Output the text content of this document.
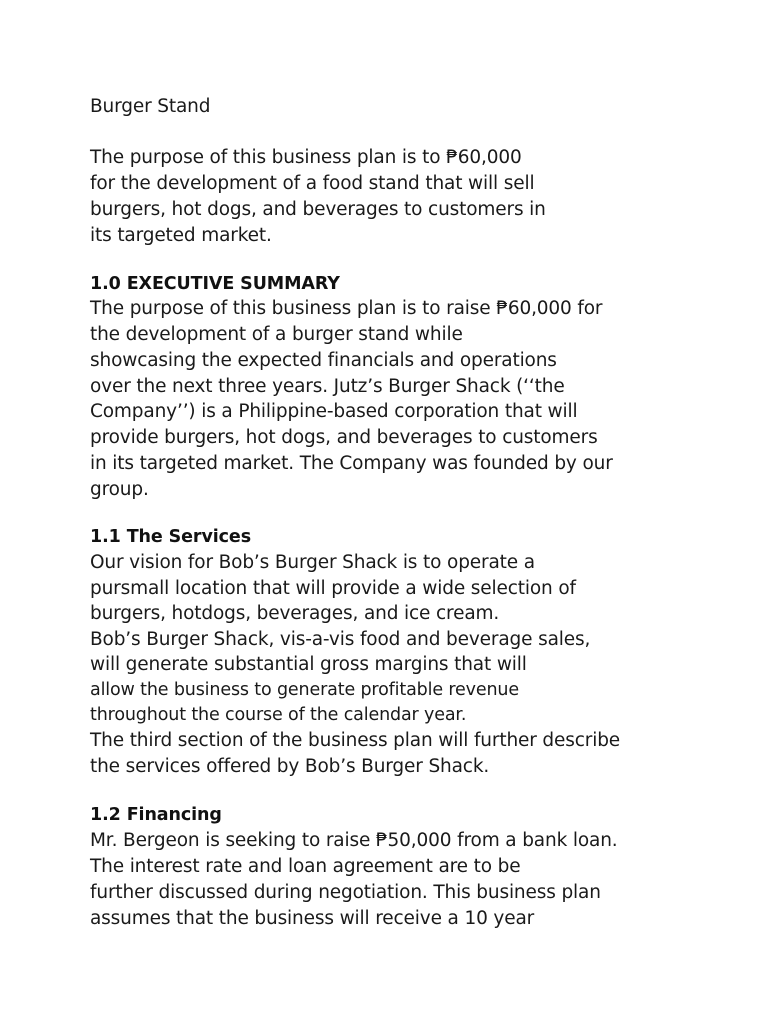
Burger Stand
The purpose of this business plan is to ₱60,000
for the development of a food stand that will sell
burgers, hot dogs, and beverages to customers in
its targeted market.
1.0 EXECUTIVE SUMMARY
The purpose of this business plan is to raise ₱60,000 for
the development of a burger stand while
showcasing the expected financials and operations
over the next three years. Jutz’s Burger Shack (‘‘the
Company’’) is a Philippine-based corporation that will
provide burgers, hot dogs, and beverages to customers
in its targeted market. The Company was founded by our
group.
1.1 The Services
Our vision for Bob’s Burger Shack is to operate a
pursmall location that will provide a wide selection of
burgers, hotdogs, beverages, and ice cream.
Bob’s Burger Shack, vis-a-vis food and beverage sales,
will generate substantial gross margins that will
allow the business to generate profitable revenue
throughout the course of the calendar year.
The third section of the business plan will further describe
the services offered by Bob’s Burger Shack.
1.2 Financing
Mr. Bergeon is seeking to raise ₱50,000 from a bank loan.
The interest rate and loan agreement are to be
further discussed during negotiation. This business plan
assumes that the business will receive a 10 year
